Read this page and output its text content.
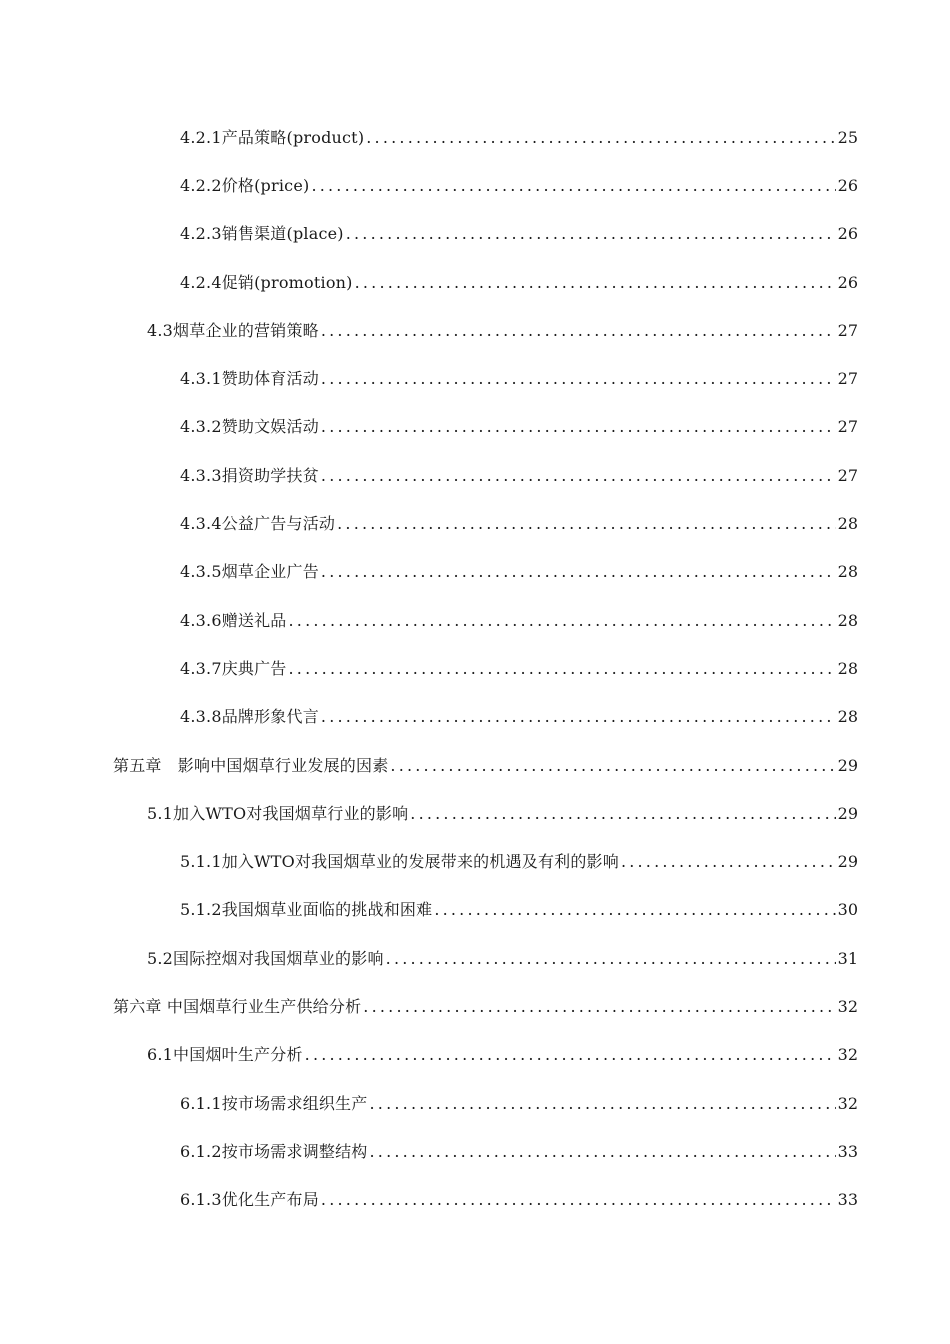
4.2.1产品策略(product) .....	25
4.2.2价格(price) .....	26
4.2.3销售渠道(place) .....	26
4.2.4促销(promotion) .....	26
4.3烟草企业的营销策略 .....	27
4.3.1赞助体育活动 .....	27
4.3.2赞助文娱活动 .....	27
4.3.3捐资助学扶贫 .....	27
4.3.4公益广告与活动 .....	28
4.3.5烟草企业广告 .....	28
4.3.6赠送礼品 .....	28
4.3.7庆典广告 .....	28
4.3.8品牌形象代言 .....	28
第五章　影响中国烟草行业发展的因素 .....	29
5.1加入WTO对我国烟草行业的影响 .....	29
5.1.1加入WTO对我国烟草业的发展带来的机遇及有利的影响 .....	29
5.1.2我国烟草业面临的挑战和困难 .....	30
5.2国际控烟对我国烟草业的影响 .....	31
第六章 中国烟草行业生产供给分析 .....	32
6.1中国烟叶生产分析 .....	32
6.1.1按市场需求组织生产 .....	32
6.1.2按市场需求调整结构 .....	33
6.1.3优化生产布局 .....	33
